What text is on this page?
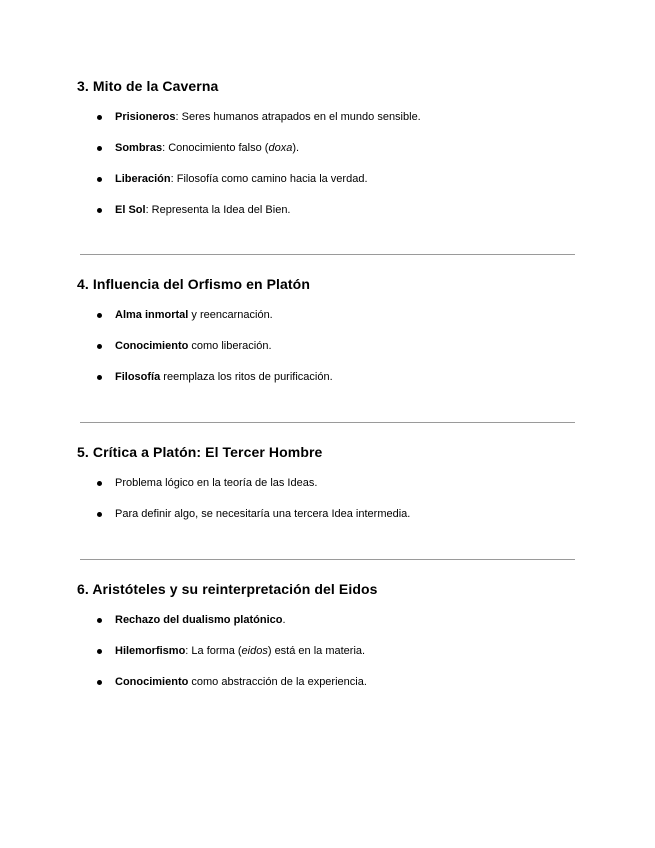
3. Mito de la Caverna
Prisioneros: Seres humanos atrapados en el mundo sensible.
Sombras: Conocimiento falso (doxa).
Liberación: Filosofía como camino hacia la verdad.
El Sol: Representa la Idea del Bien.
4. Influencia del Orfismo en Platón
Alma inmortal y reencarnación.
Conocimiento como liberación.
Filosofía reemplaza los ritos de purificación.
5. Crítica a Platón: El Tercer Hombre
Problema lógico en la teoría de las Ideas.
Para definir algo, se necesitaría una tercera Idea intermedia.
6. Aristóteles y su reinterpretación del Eidos
Rechazo del dualismo platónico.
Hilemorfismo: La forma (eidos) está en la materia.
Conocimiento como abstracción de la experiencia.
